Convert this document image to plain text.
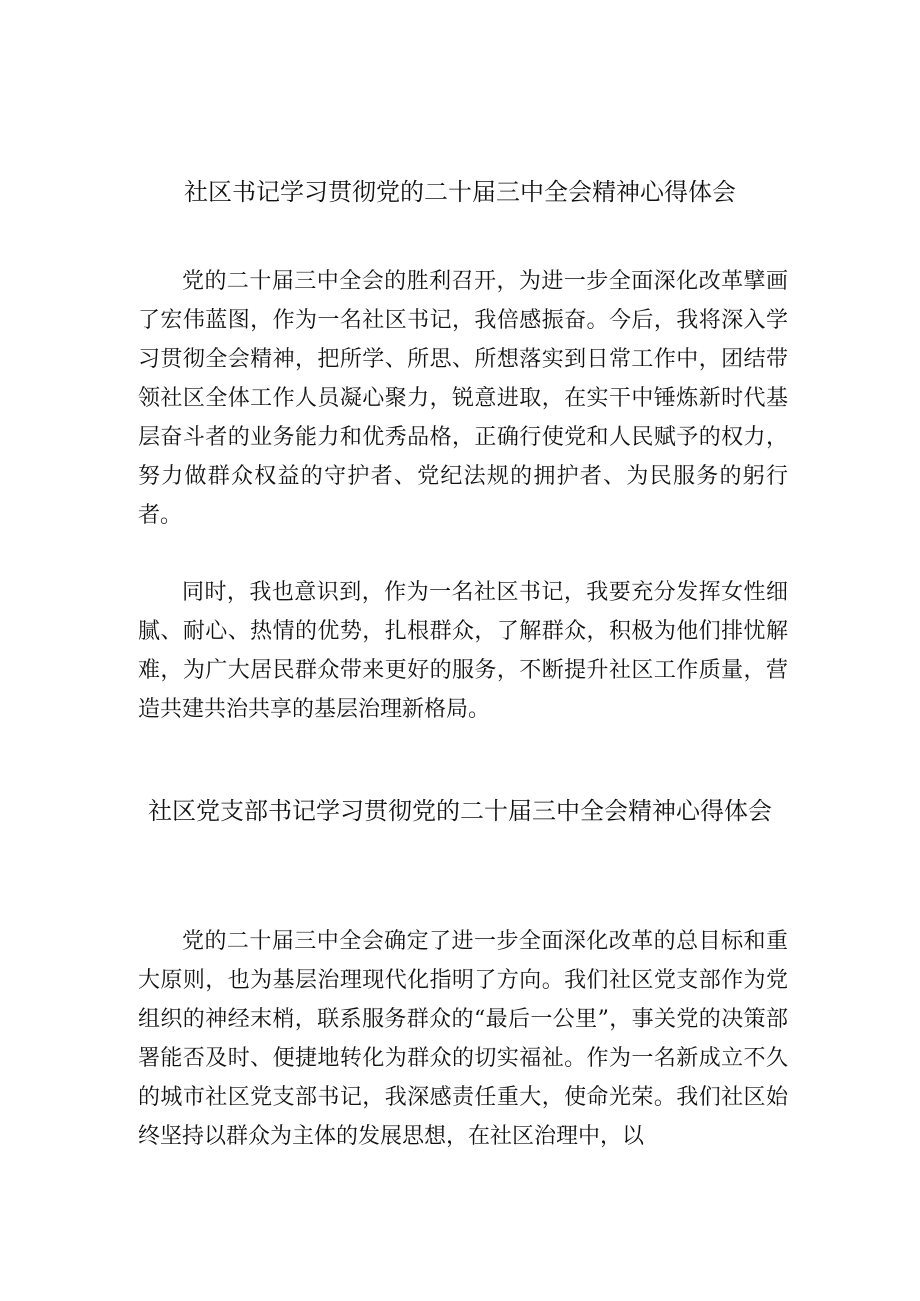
社区书记学习贯彻党的二十届三中全会精神心得体会

党的二十届三中全会的胜利召开，为进一步全面深化改革擘画了宏伟蓝图，作为一名社区书记，我倍感振奋。今后，我将深入学习贯彻全会精神，把所学、所思、所想落实到日常工作中，团结带领社区全体工作人员凝心聚力，锐意进取，在实干中锤炼新时代基层奋斗者的业务能力和优秀品格，正确行使党和人民赋予的权力，努力做群众权益的守护者、党纪法规的拥护者、为民服务的躬行者。

同时，我也意识到，作为一名社区书记，我要充分发挥女性细腻、耐心、热情的优势，扎根群众，了解群众，积极为他们排忧解难，为广大居民群众带来更好的服务，不断提升社区工作质量，营造共建共治共享的基层治理新格局。

社区党支部书记学习贯彻党的二十届三中全会精神心得体会

党的二十届三中全会确定了进一步全面深化改革的总目标和重大原则，也为基层治理现代化指明了方向。我们社区党支部作为党组织的神经末梢，联系服务群众的“最后一公里”，事关党的决策部署能否及时、便捷地转化为群众的切实福祉。作为一名新成立不久的城市社区党支部书记，我深感责任重大，使命光荣。我们社区始终坚持以群众为主体的发展思想，在社区治理中，以
